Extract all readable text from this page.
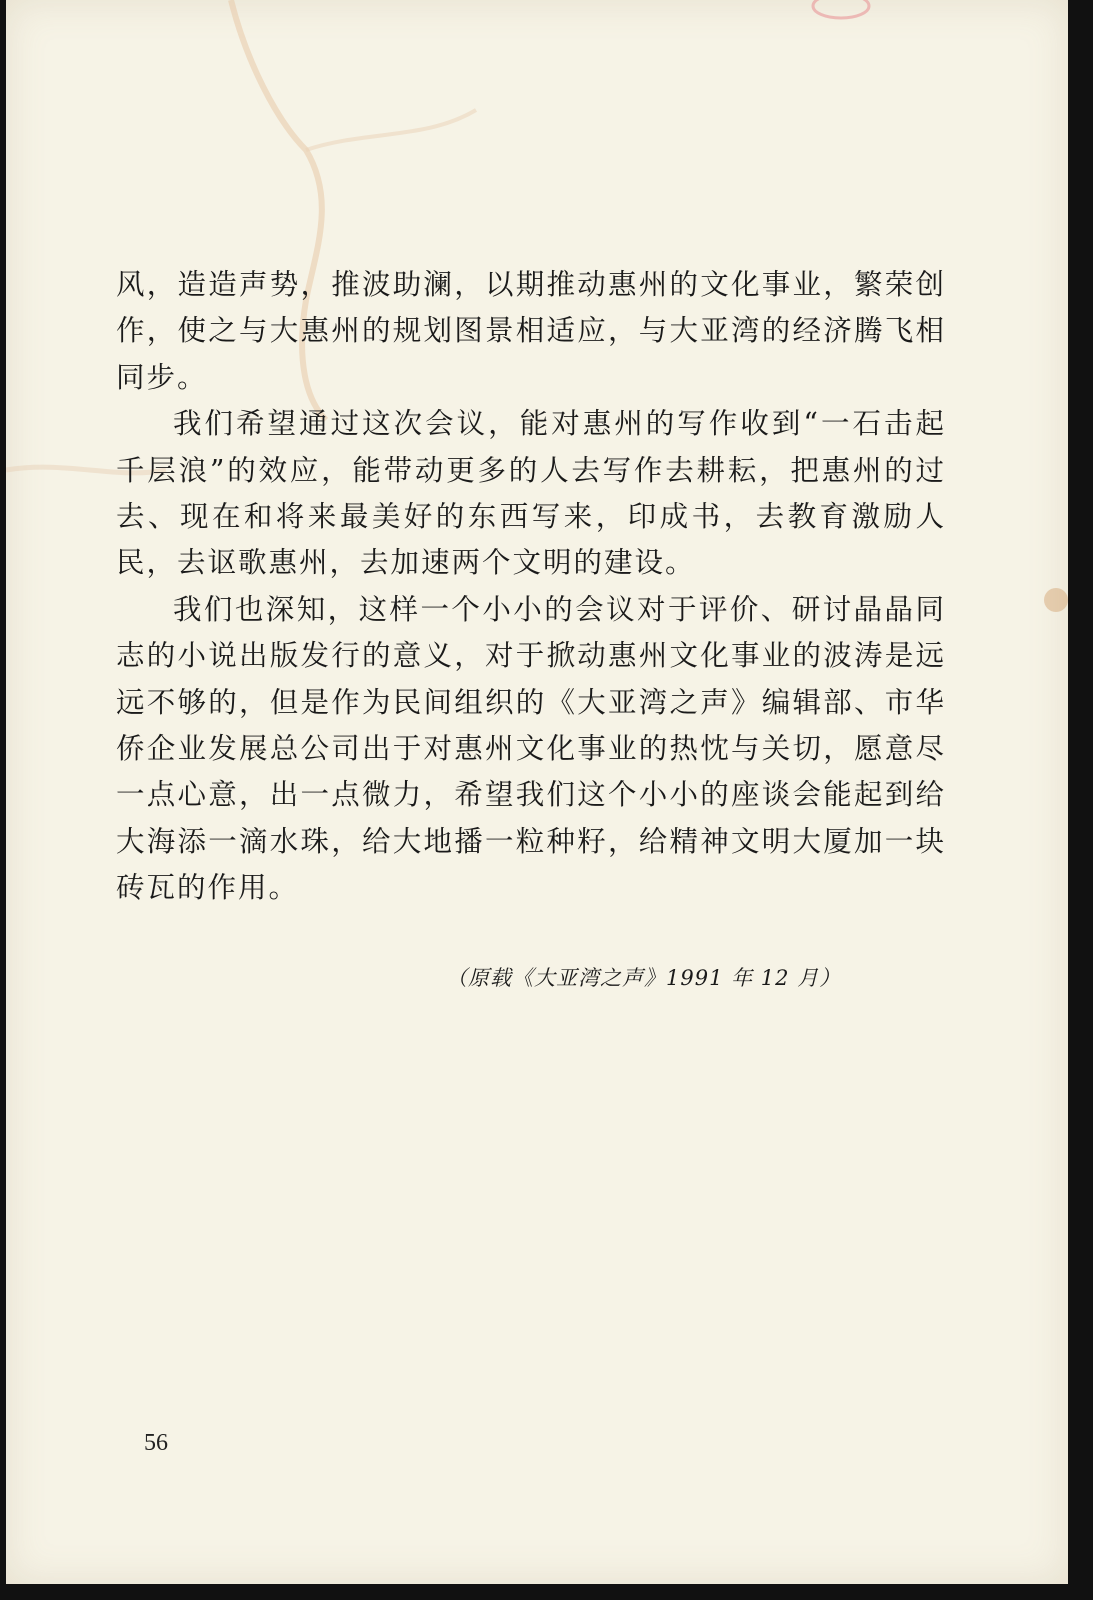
风，造造声势，推波助澜，以期推动惠州的文化事业，繁荣创作，使之与大惠州的规划图景相适应，与大亚湾的经济腾飞相同步。

我们希望通过这次会议，能对惠州的写作收到“一石击起千层浪”的效应，能带动更多的人去写作去耕耘，把惠州的过去、现在和将来最美好的东西写来，印成书，去教育激励人民，去讴歌惠州，去加速两个文明的建设。

我们也深知，这样一个小小的会议对于评价、研讨晶晶同志的小说出版发行的意义，对于掀动惠州文化事业的波涛是远远不够的，但是作为民间组织的《大亚湾之声》编辑部、市华侨企业发展总公司出于对惠州文化事业的热忱与关切，愿意尽一点心意，出一点微力，希望我们这个小小的座谈会能起到给大海添一滴水珠，给大地播一粒种籽，给精神文明大厦加一块砖瓦的作用。

（原载《大亚湾之声》1991 年 12 月）
56
